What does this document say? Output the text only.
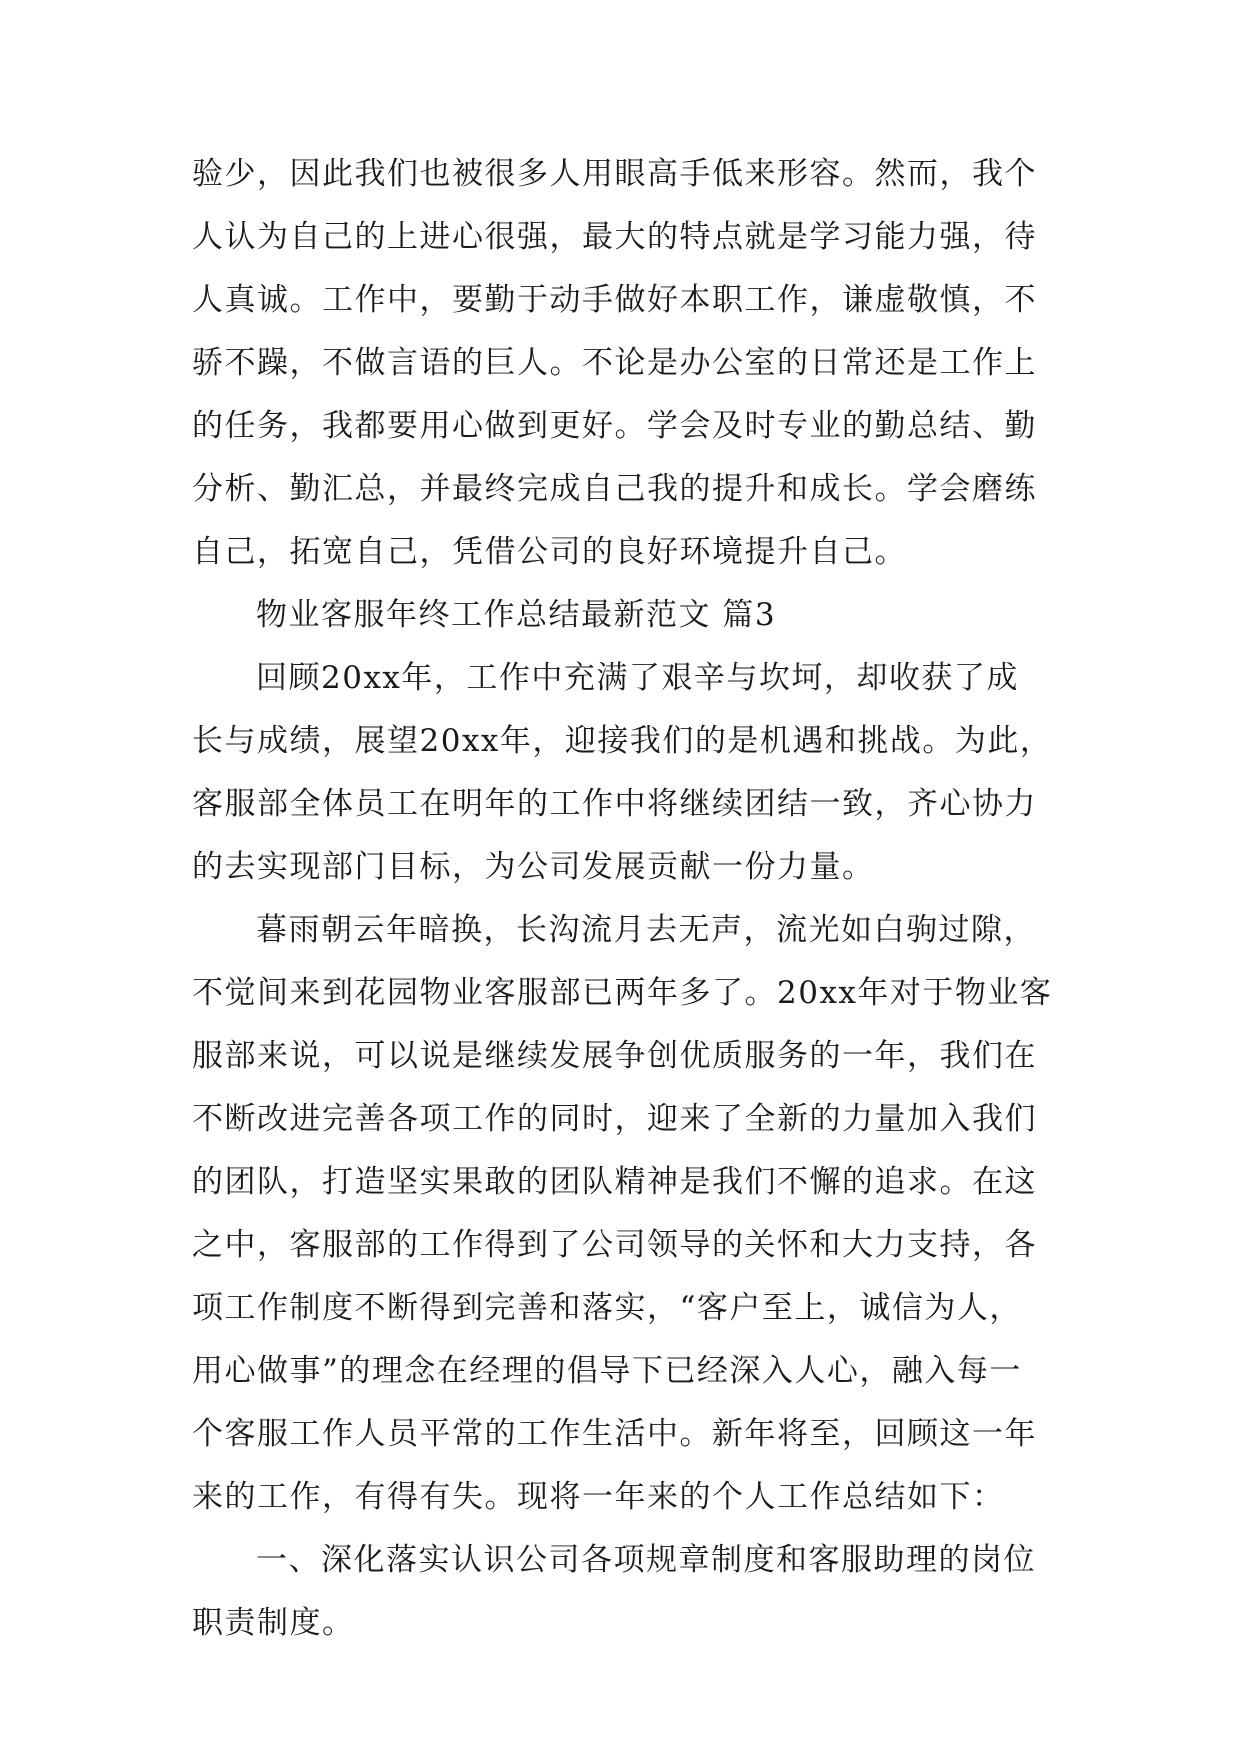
验少，因此我们也被很多人用眼高手低来形容。然而，我个
人认为自己的上进心很强，最大的特点就是学习能力强，待
人真诚。工作中，要勤于动手做好本职工作，谦虚敬慎，不
骄不躁，不做言语的巨人。不论是办公室的日常还是工作上
的任务，我都要用心做到更好。学会及时专业的勤总结、勤
分析、勤汇总，并最终完成自己我的提升和成长。学会磨练
自己，拓宽自己，凭借公司的良好环境提升自己。
物业客服年终工作总结最新范文 篇3
回顾20xx年，工作中充满了艰辛与坎坷，却收获了成
长与成绩，展望20xx年，迎接我们的是机遇和挑战。为此，
客服部全体员工在明年的工作中将继续团结一致，齐心协力
的去实现部门目标，为公司发展贡献一份力量。
暮雨朝云年暗换，长沟流月去无声，流光如白驹过隙，
不觉间来到花园物业客服部已两年多了。20xx年对于物业客
服部来说，可以说是继续发展争创优质服务的一年，我们在
不断改进完善各项工作的同时，迎来了全新的力量加入我们
的团队，打造坚实果敢的团队精神是我们不懈的追求。在这
之中，客服部的工作得到了公司领导的关怀和大力支持，各
项工作制度不断得到完善和落实，“客户至上，诚信为人，
用心做事”的理念在经理的倡导下已经深入人心，融入每一
个客服工作人员平常的工作生活中。新年将至，回顾这一年
来的工作，有得有失。现将一年来的个人工作总结如下：
一、深化落实认识公司各项规章制度和客服助理的岗位
职责制度。
